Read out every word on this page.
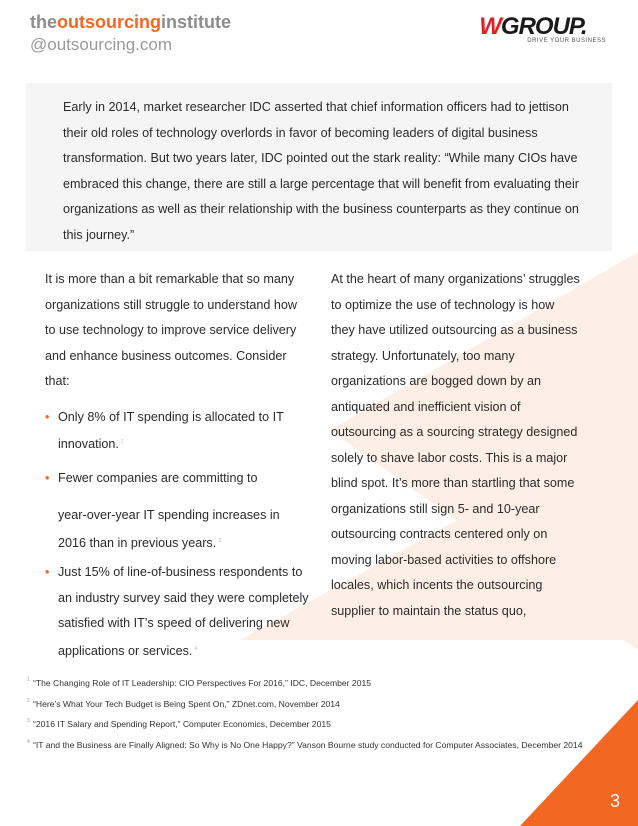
theoutsourcinginstitute
@outsourcing.com
WGROUP.
DRIVE YOUR BUSINESS

Early in 2014, market researcher IDC asserted that chief information officers had to jettison their old roles of technology overlords in favor of becoming leaders of digital business transformation. But two years later, IDC pointed out the stark reality: “While many CIOs have embraced this change, there are still a large percentage that will benefit from evaluating their organizations as well as their relationship with the business counterparts as they continue on this journey.”

It is more than a bit remarkable that so many organizations still struggle to understand how to use technology to improve service delivery and enhance business outcomes. Consider that:

• Only 8% of IT spending is allocated to IT innovation. $^2$
• Fewer companies are committing to
year-over-year IT spending increases in 2016 than in previous years. $^3$
• Just 15% of line-of-business respondents to an industry survey said they were completely satisfied with IT’s speed of delivering new applications or services. $^4$

At the heart of many organizations’ struggles to optimize the use of technology is how they have utilized outsourcing as a business strategy. Unfortunately, too many organizations are bogged down by an antiquated and inefficient vision of outsourcing as a sourcing strategy designed solely to shave labor costs. This is a major blind spot. It’s more than startling that some organizations still sign 5- and 10-year outsourcing contracts centered only on moving labor-based activities to offshore locales, which incents the outsourcing supplier to maintain the status quo,

1 “The Changing Role of IT Leadership: CIO Perspectives For 2016,” IDC, December 2015
2 “Here’s What Your Tech Budget is Being Spent On,” ZDnet.com, November 2014
3 “2016 IT Salary and Spending Report,” Computer Economics, December 2015
4 “IT and the Business are Finally Aligned: So Why is No One Happy?” Vanson Bourne study conducted for Computer Associates, December 2014
3
